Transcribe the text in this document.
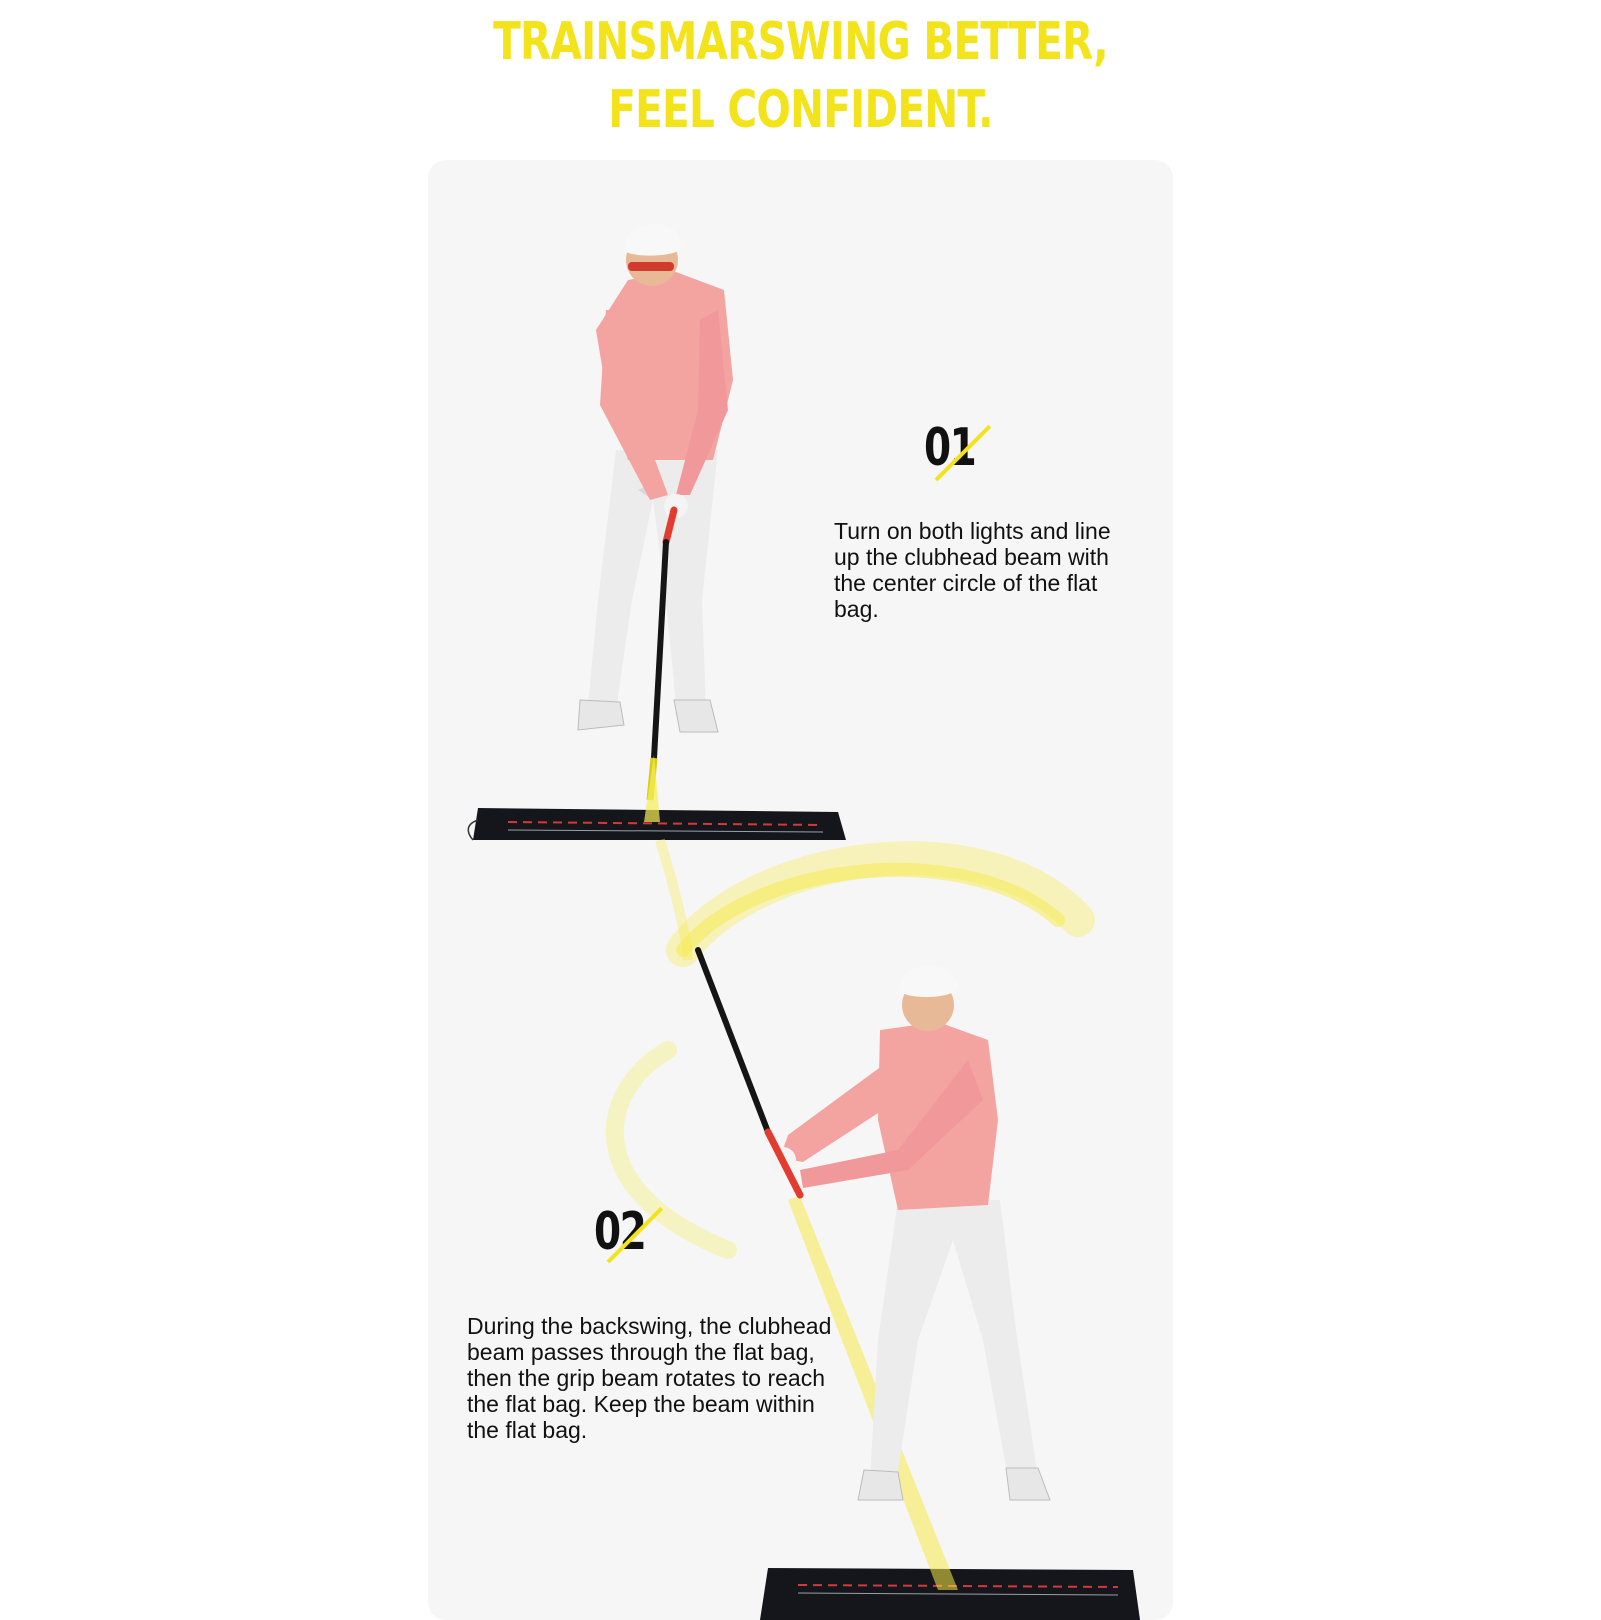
TRAINSMARSWING BETTER,
FEEL CONFIDENT.
01
Turn on both lights and line up the clubhead beam with the center circle of the flat bag.
02
During the backswing, the clubhead beam passes through the flat bag, then the grip beam rotates to reach the flat bag. Keep the beam within the flat bag.
